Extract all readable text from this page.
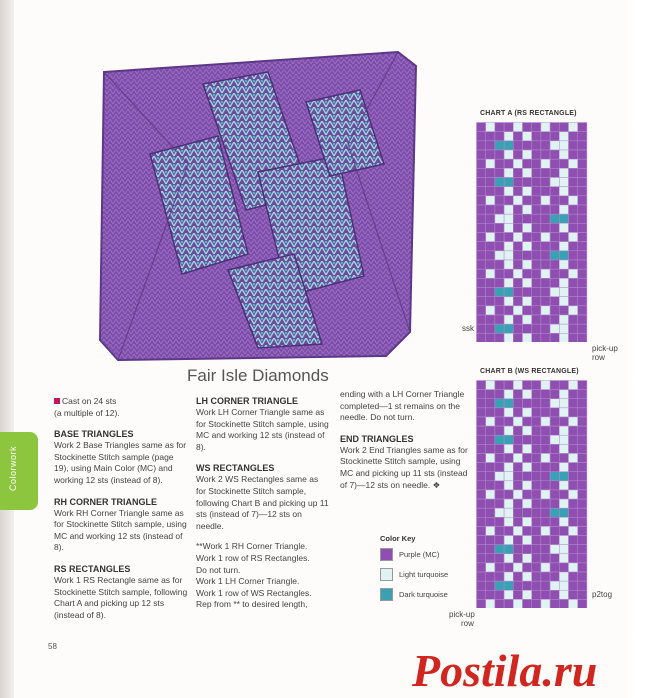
Colorwork
Fair Isle Diamonds

Cast on 24 sts

(a multiple of 12).

BASE TRIANGLES

Work 2 Base Triangles same as for Stockinette Stitch sample (page 19), using Main Color (MC) and working 12 sts (instead of 8).

RH CORNER TRIANGLE

Work RH Corner Triangle same as for Stockinette Stitch sample, using MC and working 12 sts (instead of 8).

RS RECTANGLES

Work 1 RS Rectangle same as for Stockinette Stitch sample, following Chart A and picking up 12 sts (instead of 8).

LH CORNER TRIANGLE

Work LH Corner Triangle same as for Stockinette Stitch sample, using MC and working 12 sts (instead of 8).

WS RECTANGLES

Work 2 WS Rectangles same as for Stockinette Stitch sample, following Chart B and picking up 11 sts (instead of 7)—12 sts on needle.

**Work 1 RH Corner Triangle.

Work 1 row of RS Rectangles.

Do not turn.

Work 1 LH Corner Triangle.

Work 1 row of WS Rectangles.

Rep from ** to desired length,

ending with a LH Corner Triangle completed—1 st remains on the needle. Do not turn.

END TRIANGLES

Work 2 End Triangles same as for Stockinette Stitch sample, using MC and picking up 11 sts (instead of 7)—12 sts on needle. ❖

CHART A (RS RECTANGLE)

ssk
pick-up
row

CHART B (WS RECTANGLE)

p2tog
pick-up
row
Color Key
Purple (MC)
Light turquoise
Dark turquoise
58	Postila.ru
